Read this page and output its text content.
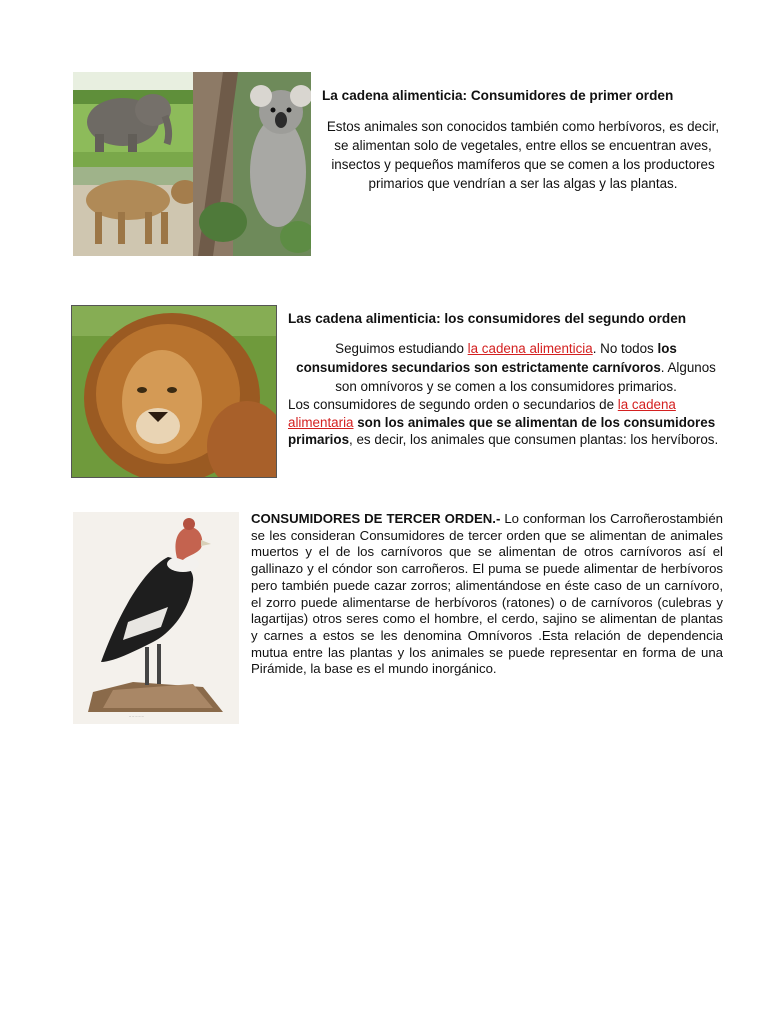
La cadena alimenticia: Consumidores de primer orden
Estos animales son conocidos también como herbívoros, es decir, se alimentan solo de vegetales, entre ellos se encuentran aves, insectos y pequeños mamíferos que se comen a los productores primarios que vendrían a ser las algas y las plantas.
Las cadena alimenticia: los consumidores del segundo orden
Seguimos estudiando la cadena alimenticia. No todos los consumidores secundarios son estrictamente carnívoros. Algunos son omnívoros y se comen a los consumidores primarios.
Los consumidores de segundo orden o secundarios de la cadena alimentaria son los animales que se alimentan de los consumidores primarios, es decir, los animales que consumen plantas: los hervíboros.
~ ~ ~ ~ ~
CONSUMIDORES DE TERCER ORDEN.- Lo conforman los Carroñerostambién se les consideran Consumidores de tercer orden que se alimentan de animales muertos y el de los carnívoros que se alimentan de otros carnívoros así el gallinazo y el cóndor son carroñeros. El puma se puede alimentar de herbívoros pero también puede cazar zorros; alimentándose en éste caso de un carnívoro, el zorro puede alimentarse de herbívoros (ratones) o de carnívoros (culebras y lagartijas) otros seres como el hombre, el cerdo, sajino se alimentan de plantas y carnes a estos se les denomina Omnívoros .Esta relación de dependencia mutua entre las plantas y los animales se puede representar en forma de una Pirámide, la base es el mundo inorgánico.
